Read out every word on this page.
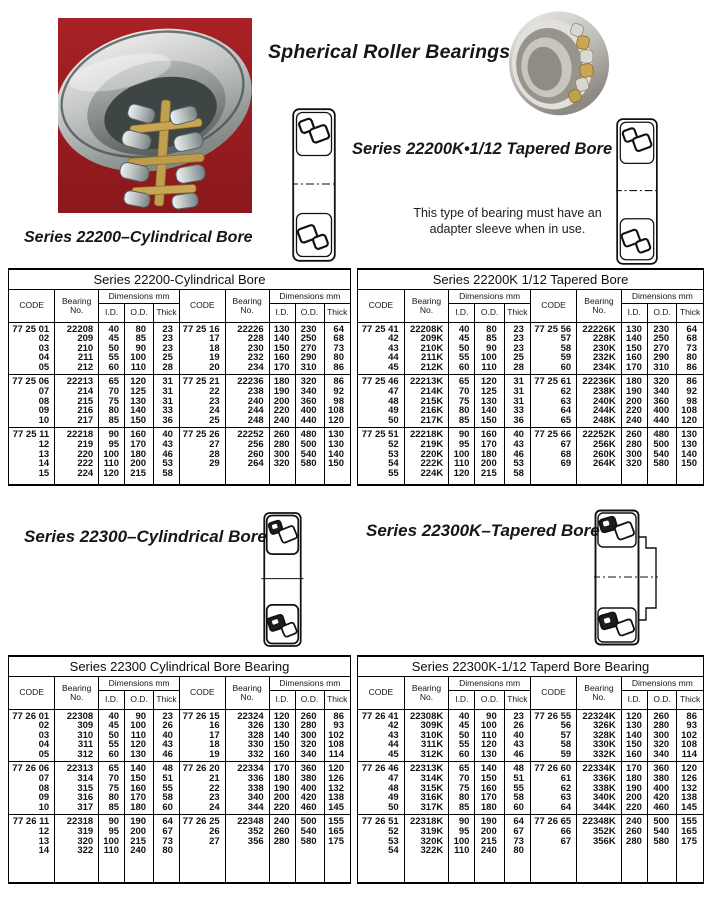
Series 22200–Cylindrical Bore
Spherical Roller Bearings
Series 22200K•1/12 Tapered Bore
This type of bearing must have an
adapter sleeve when in use.
Series 22200-Cylindrical Bore
CODE	Bearing No.	Dimensions mm			CODE	Bearing No.	Dimensions mm		
		I.D.	O.D.	Thick			I.D.	O.D.	Thick
77 25 01	22208	40	80	23	77 25 16	22226	130	230	64
02	209	45	85	23	17	228	140	250	68
03	210	50	90	23	18	230	150	270	73
04	211	55	100	25	19	232	160	290	80
05	212	60	110	28	20	234	170	310	86
77 25 06	22213	65	120	31	77 25 21	22236	180	320	86
07	214	70	125	31	22	238	190	340	92
08	215	75	130	31	23	240	200	360	98
09	216	80	140	33	24	244	220	400	108
10	217	85	150	36	25	248	240	440	120
77 25 11	22218	90	160	40	77 25 26	22252	260	480	130
12	219	95	170	43	27	256	280	500	130
13	220	100	180	46	28	260	300	540	140
14	222	110	200	53	29	264	320	580	150
15	224	120	215	58					

Series 22200K 1/12 Tapered Bore
CODE	Bearing No.	Dimensions mm			CODE	Bearing No.	Dimensions mm		
		I.D.	O.D.	Thick			I.D.	O.D.	Thick
77 25 41	22208K	40	80	23	77 25 56	22226K	130	230	64
42	209K	45	85	23	57	228K	140	250	68
43	210K	50	90	23	58	230K	150	270	73
44	211K	55	100	25	59	232K	160	290	80
45	212K	60	110	28	60	234K	170	310	86
77 25 46	22213K	65	120	31	77 25 61	22236K	180	320	86
47	214K	70	125	31	62	238K	190	340	92
48	215K	75	130	31	63	240K	200	360	98
49	216K	80	140	33	64	244K	220	400	108
50	217K	85	150	36	65	248K	240	440	120
77 25 51	22218K	90	160	40	77 25 66	22252K	260	480	130
52	219K	95	170	43	67	256K	280	500	130
53	220K	100	180	46	68	260K	300	540	140
54	222K	110	200	53	69	264K	320	580	150
55	224K	120	215	58					

Series 22300–Cylindrical Bore	Series 22300K–Tapered Bore
Series 22300 Cylindrical Bore Bearing
CODE	Bearing No.	Dimensions mm			CODE	Bearing No.	Dimensions mm		
		I.D.	O.D.	Thick			I.D.	O.D.	Thick
77 26 01	22308	40	90	23	77 26 15	22324	120	260	86
02	309	45	100	26	16	326	130	280	93
03	310	50	110	40	17	328	140	300	102
04	311	55	120	43	18	330	150	320	108
05	312	60	130	46	19	332	160	340	114
77 26 06	22313	65	140	48	77 26 20	22334	170	360	120
07	314	70	150	51	21	336	180	380	126
08	315	75	160	55	22	338	190	400	132
09	316	80	170	58	23	340	200	420	138
10	317	85	180	60	24	344	220	460	145
77 26 11	22318	90	190	64	77 26 25	22348	240	500	155
12	319	95	200	67	26	352	260	540	165
13	320	100	215	73	27	356	280	580	175
14	322	110	240	80					

Series 22300K-1/12 Taperd Bore Bearing
CODE	Bearing No.	Dimensions mm			CODE	Bearing No.	Dimensions mm		
		I.D.	O.D.	Thick			I.D.	O.D.	Thick
77 26 41	22308K	40	90	23	77 26 55	22324K	120	260	86
42	309K	45	100	26	56	326K	130	280	93
43	310K	50	110	40	57	328K	140	300	102
44	311K	55	120	43	58	330K	150	320	108
45	312K	60	130	46	59	332K	160	340	114
77 26 46	22313K	65	140	48	77 26 60	22334K	170	360	120
47	314K	70	150	51	61	336K	180	380	126
48	315K	75	160	55	62	338K	190	400	132
49	316K	80	170	58	63	340K	200	420	138
50	317K	85	180	60	64	344K	220	460	145
77 26 51	22318K	90	190	64	77 26 65	22348K	240	500	155
52	319K	95	200	67	66	352K	260	540	165
53	320K	100	215	73	67	356K	280	580	175
54	322K	110	240	80					
